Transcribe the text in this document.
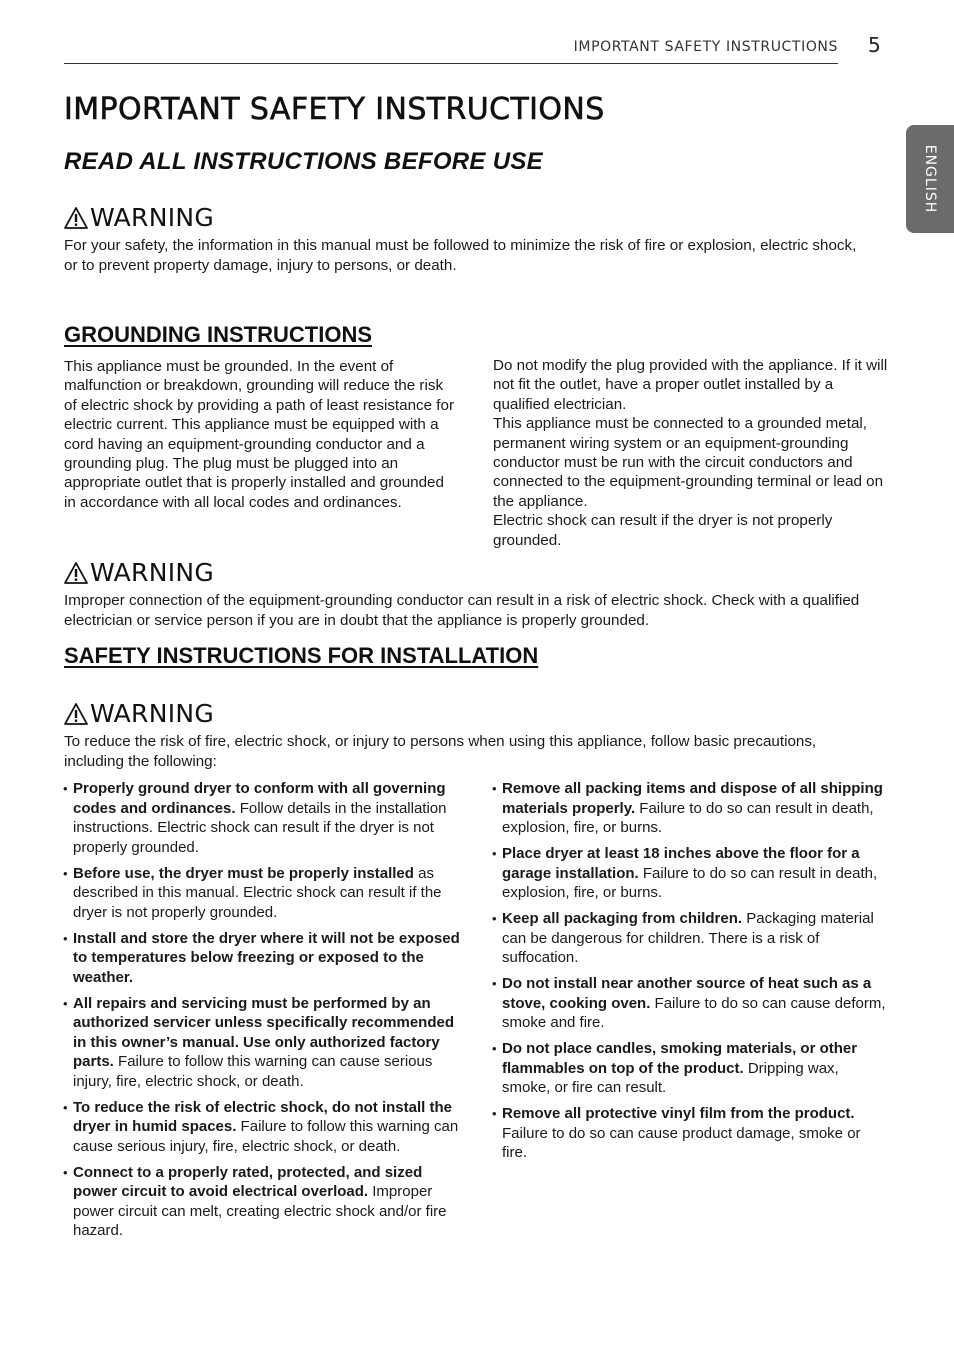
IMPORTANT SAFETY INSTRUCTIONS 5
ENGLISH
IMPORTANT SAFETY INSTRUCTIONS
READ ALL INSTRUCTIONS BEFORE USE
WARNING

For your safety, the information in this manual must be followed to minimize the risk of fire or explosion, electric shock, or to prevent property damage, injury to persons, or death.

GROUNDING INSTRUCTIONS

This appliance must be grounded. In the event of malfunction or breakdown, grounding will reduce the risk of electric shock by providing a path of least resistance for electric current. This appliance must be equipped with a cord having an equipment-grounding conductor and a grounding plug. The plug must be plugged into an appropriate outlet that is properly installed and grounded in accordance with all local codes and ordinances.

Do not modify the plug provided with the appliance. If it will not fit the outlet, have a proper outlet installed by a qualified electrician.

This appliance must be connected to a grounded metal, permanent wiring system or an equipment-grounding conductor must be run with the circuit conductors and connected to the equipment-grounding terminal or lead on the appliance.

Electric shock can result if the dryer is not properly grounded.

WARNING

Improper connection of the equipment-grounding conductor can result in a risk of electric shock. Check with a qualified electrician or service person if you are in doubt that the appliance is properly grounded.

SAFETY INSTRUCTIONS FOR INSTALLATION
WARNING

To reduce the risk of fire, electric shock, or injury to persons when using this appliance, follow basic precautions, including the following:

• Properly ground dryer to conform with all governing codes and ordinances. Follow details in the installation instructions. Electric shock can result if the dryer is not properly grounded.
• Before use, the dryer must be properly installed as described in this manual. Electric shock can result if the dryer is not properly grounded.
• Install and store the dryer where it will not be exposed to temperatures below freezing or exposed to the weather.
• All repairs and servicing must be performed by an authorized servicer unless specifically recommended in this owner’s manual. Use only authorized factory parts. Failure to follow this warning can cause serious injury, fire, electric shock, or death.
• To reduce the risk of electric shock, do not install the dryer in humid spaces. Failure to follow this warning can cause serious injury, fire, electric shock, or death.
• Connect to a properly rated, protected, and sized power circuit to avoid electrical overload. Improper power circuit can melt, creating electric shock and/or fire hazard.
• Remove all packing items and dispose of all shipping materials properly. Failure to do so can result in death, explosion, fire, or burns.
• Place dryer at least 18 inches above the floor for a garage installation. Failure to do so can result in death, explosion, fire, or burns.
• Keep all packaging from children. Packaging material can be dangerous for children. There is a risk of suffocation.
• Do not install near another source of heat such as a stove, cooking oven. Failure to do so can cause deform, smoke and fire.
• Do not place candles, smoking materials, or other flammables on top of the product. Dripping wax, smoke, or fire can result.
• Remove all protective vinyl film from the product. Failure to do so can cause product damage, smoke or fire.
